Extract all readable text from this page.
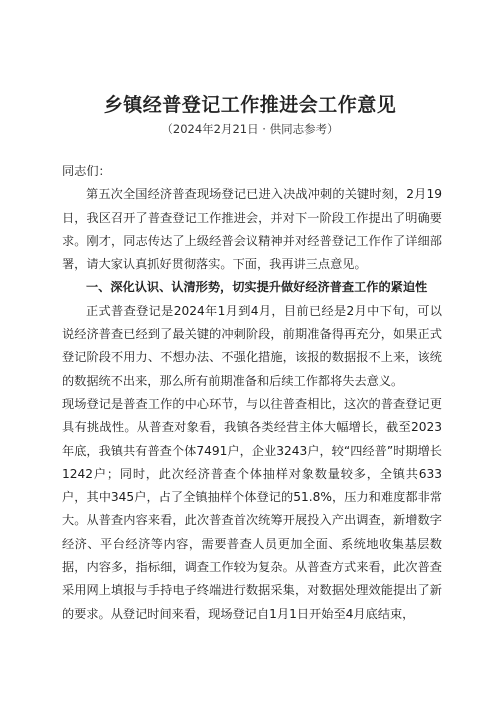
乡镇经普登记工作推进会工作意见
（2024年2月21日 · 供同志参考）

同志们：

第五次全国经济普查现场登记已进入决战冲刺的关键时刻，2月19日，我区召开了普查登记工作推进会，并对下一阶段工作提出了明确要求。刚才，同志传达了上级经普会议精神并对经普登记工作作了详细部署，请大家认真抓好贯彻落实。下面，我再讲三点意见。

一、深化认识、认清形势，切实提升做好经济普查工作的紧迫性

正式普查登记是2024年1月到4月，目前已经是2月中下旬，可以说经济普查已经到了最关键的冲刺阶段，前期准备得再充分，如果正式登记阶段不用力、不想办法、不强化措施，该报的数据报不上来，该统的数据统不出来，那么所有前期准备和后续工作都将失去意义。

现场登记是普查工作的中心环节，与以往普查相比，这次的普查登记更具有挑战性。从普查对象看，我镇各类经营主体大幅增长，截至2023年底，我镇共有普查个体7491户，企业3243户，较“四经普”时期增长1242户；同时，此次经济普查个体抽样对象数量较多，全镇共633户，其中345户，占了全镇抽样个体登记的51.8%，压力和难度都非常大。从普查内容来看，此次普查首次统筹开展投入产出调查，新增数字经济、平台经济等内容，需要普查人员更加全面、系统地收集基层数据，内容多，指标细，调查工作较为复杂。从普查方式来看，此次普查采用网上填报与手持电子终端进行数据采集，对数据处理效能提出了新的要求。从登记时间来看，现场登记自1月1日开始至4月底结束，
